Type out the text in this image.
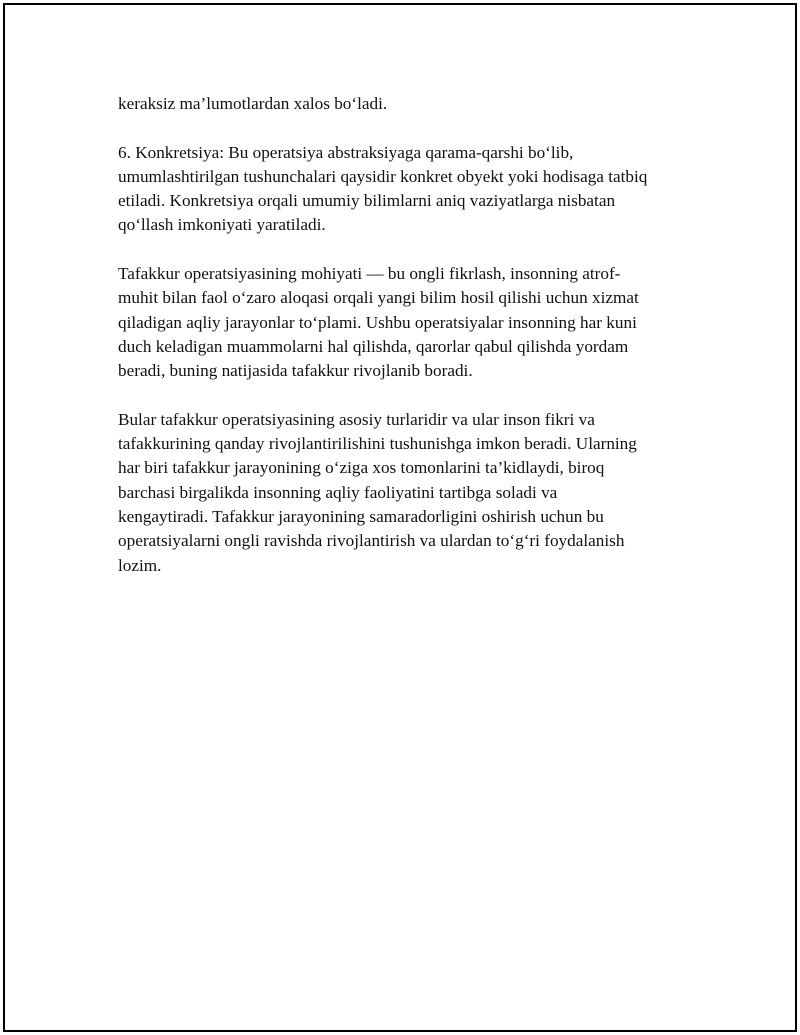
keraksiz ma’lumotlardan xalos bo‘ladi.

6. Konkretsiya: Bu operatsiya abstraksiyaga qarama-qarshi bo‘lib,
umumlashtirilgan tushunchalari qaysidir konkret obyekt yoki hodisaga tatbiq
etiladi. Konkretsiya orqali umumiy bilimlarni aniq vaziyatlarga nisbatan
qo‘llash imkoniyati yaratiladi.

Tafakkur operatsiyasining mohiyati — bu ongli fikrlash, insonning atrof-
muhit bilan faol o‘zaro aloqasi orqali yangi bilim hosil qilishi uchun xizmat
qiladigan aqliy jarayonlar to‘plami. Ushbu operatsiyalar insonning har kuni
duch keladigan muammolarni hal qilishda, qarorlar qabul qilishda yordam
beradi, buning natijasida tafakkur rivojlanib boradi.

Bular tafakkur operatsiyasining asosiy turlaridir va ular inson fikri va
tafakkurining qanday rivojlantirilishini tushunishga imkon beradi. Ularning
har biri tafakkur jarayonining o‘ziga xos tomonlarini ta’kidlaydi, biroq
barchasi birgalikda insonning aqliy faoliyatini tartibga soladi va
kengaytiradi. Tafakkur jarayonining samaradorligini oshirish uchun bu
operatsiyalarni ongli ravishda rivojlantirish va ulardan to‘g‘ri foydalanish
lozim.
